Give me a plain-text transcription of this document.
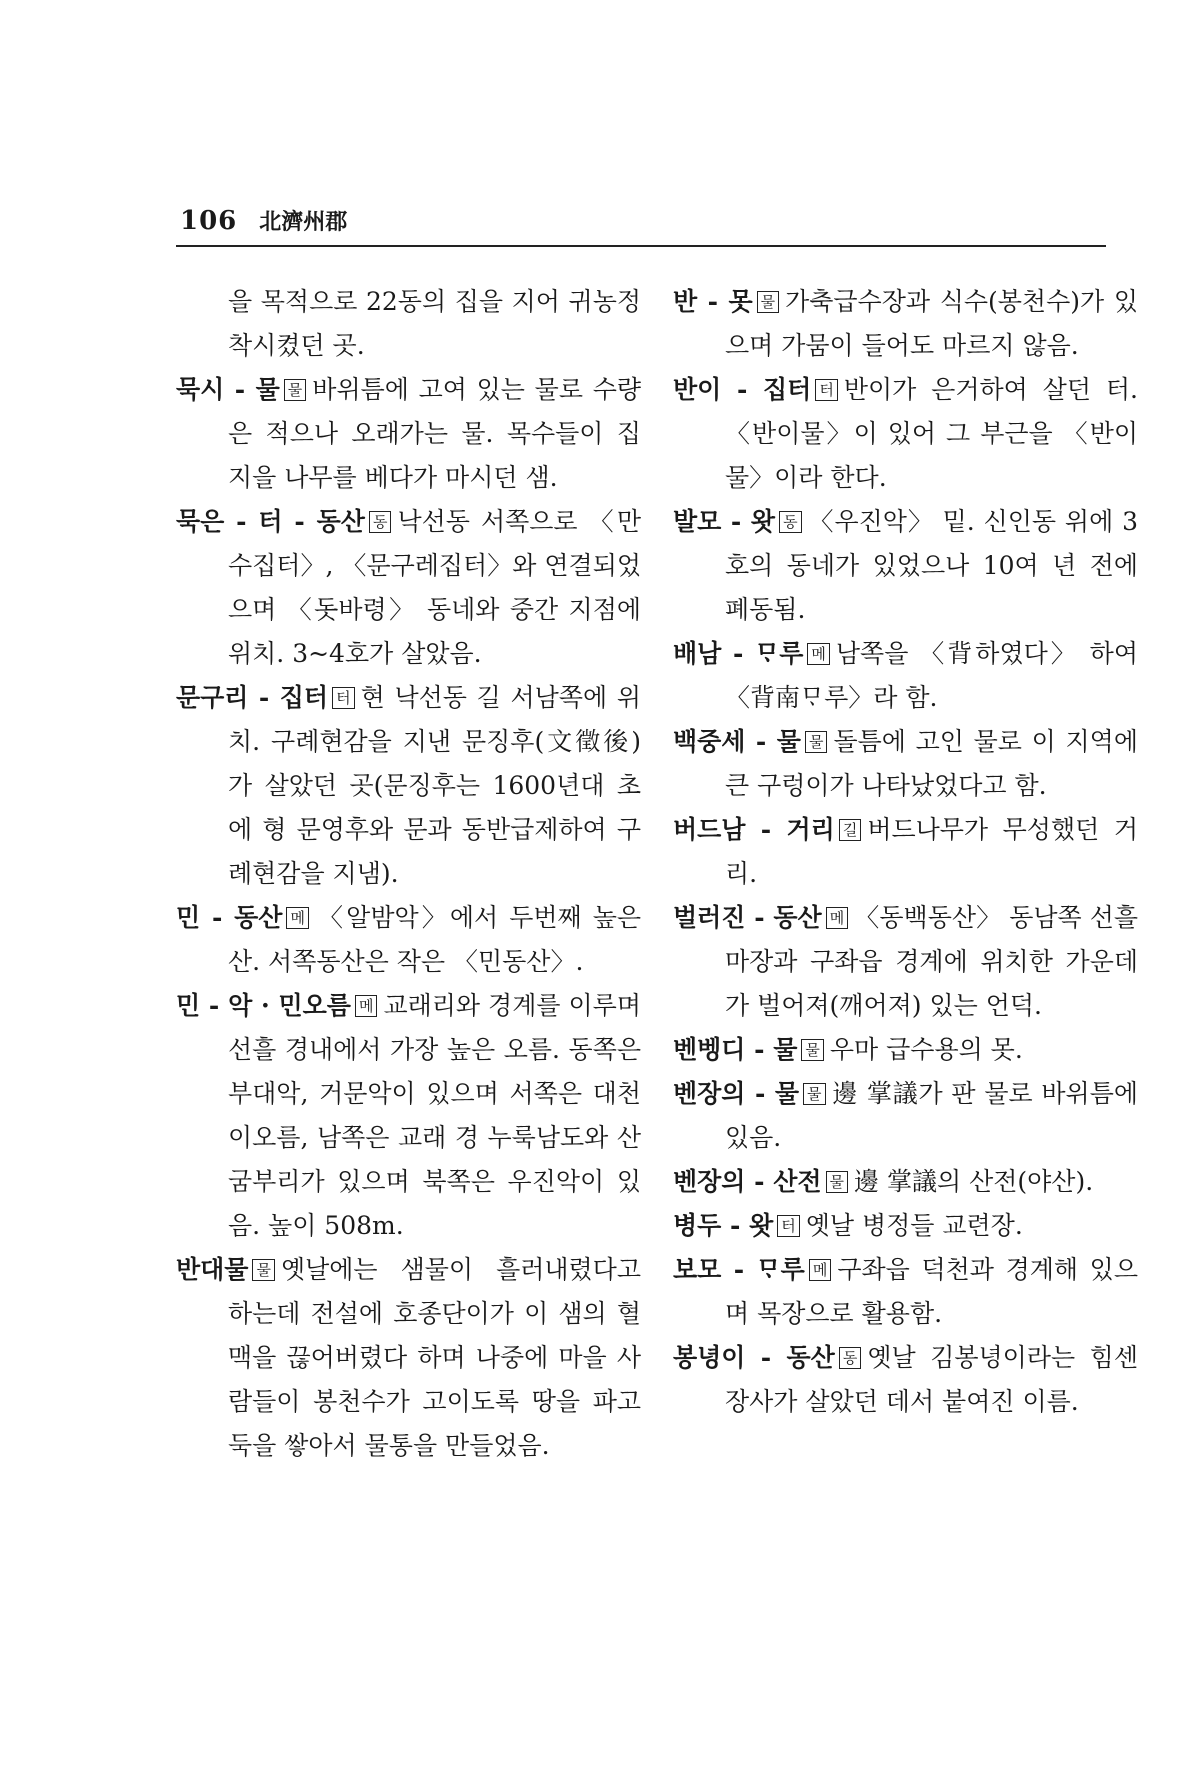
106 北濟州郡

을 목적으로 22동의 집을 지어 귀농정착시켰던 곳.

묵시 - 물 물 바위틈에 고여 있는 물로 수량은 적으나 오래가는 물. 목수들이 집 지을 나무를 베다가 마시던 샘.

묵은 - 터 - 동산 동 낙선동 서쪽으로 〈만수집터〉, 〈문구레집터〉와 연결되었으며 〈돗바령〉 동네와 중간 지점에 위치. 3~4호가 살았음.

문구리 - 집터 터 현 낙선동 길 서남쪽에 위치. 구례현감을 지낸 문징후(文徵後)가 살았던 곳(문징후는 1600년대 초에 형 문영후와 문과 동반급제하여 구례현감을 지냄).

민 - 동산 메 〈알밤악〉에서 두번째 높은 산. 서쪽동산은 작은 〈민동산〉.

민 - 악 · 민오름 메 교래리와 경계를 이루며 선흘 경내에서 가장 높은 오름. 동쪽은 부대악, 거문악이 있으며 서쪽은 대천이오름, 남쪽은 교래 경 누룩남도와 산굼부리가 있으며 북쪽은 우진악이 있음. 높이 508m.

반대물 물 옛날에는 샘물이 흘러내렸다고 하는데 전설에 호종단이가 이 샘의 혈맥을 끊어버렸다 하며 나중에 마을 사람들이 봉천수가 고이도록 땅을 파고 둑을 쌓아서 물통을 만들었음.

반 - 못 물 가축급수장과 식수(봉천수)가 있으며 가뭄이 들어도 마르지 않음.

반이 - 집터 터 반이가 은거하여 살던 터. 〈반이물〉이 있어 그 부근을 〈반이물〉이라 한다.

발모 - 왓 동 〈우진악〉 밑. 신인동 위에 3호의 동네가 있었으나 10여 년 전에 폐동됨.

배남 - ᄆᆞ루 메 남쪽을 〈背하였다〉 하여 〈背南ᄆᆞ루〉라 함.

백중세 - 물 물 돌틈에 고인 물로 이 지역에 큰 구렁이가 나타났었다고 함.

버드남 - 거리 길 버드나무가 무성했던 거리.

벌러진 - 동산 메 〈동백동산〉 동남쪽 선흘마장과 구좌읍 경계에 위치한 가운데가 벌어져(깨어져) 있는 언덕.

벤벵디 - 물 물 우마 급수용의 못.

벤장의 - 물 물 邊 掌議가 판 물로 바위틈에 있음.

벤장의 - 산전 물 邊 掌議의 산전(야산).

병두 - 왓 터 옛날 병정들 교련장.

보모 - ᄆᆞ루 메 구좌읍 덕천과 경계해 있으며 목장으로 활용함.

봉녕이 - 동산 동 옛날 김봉녕이라는 힘센 장사가 살았던 데서 붙여진 이름.
